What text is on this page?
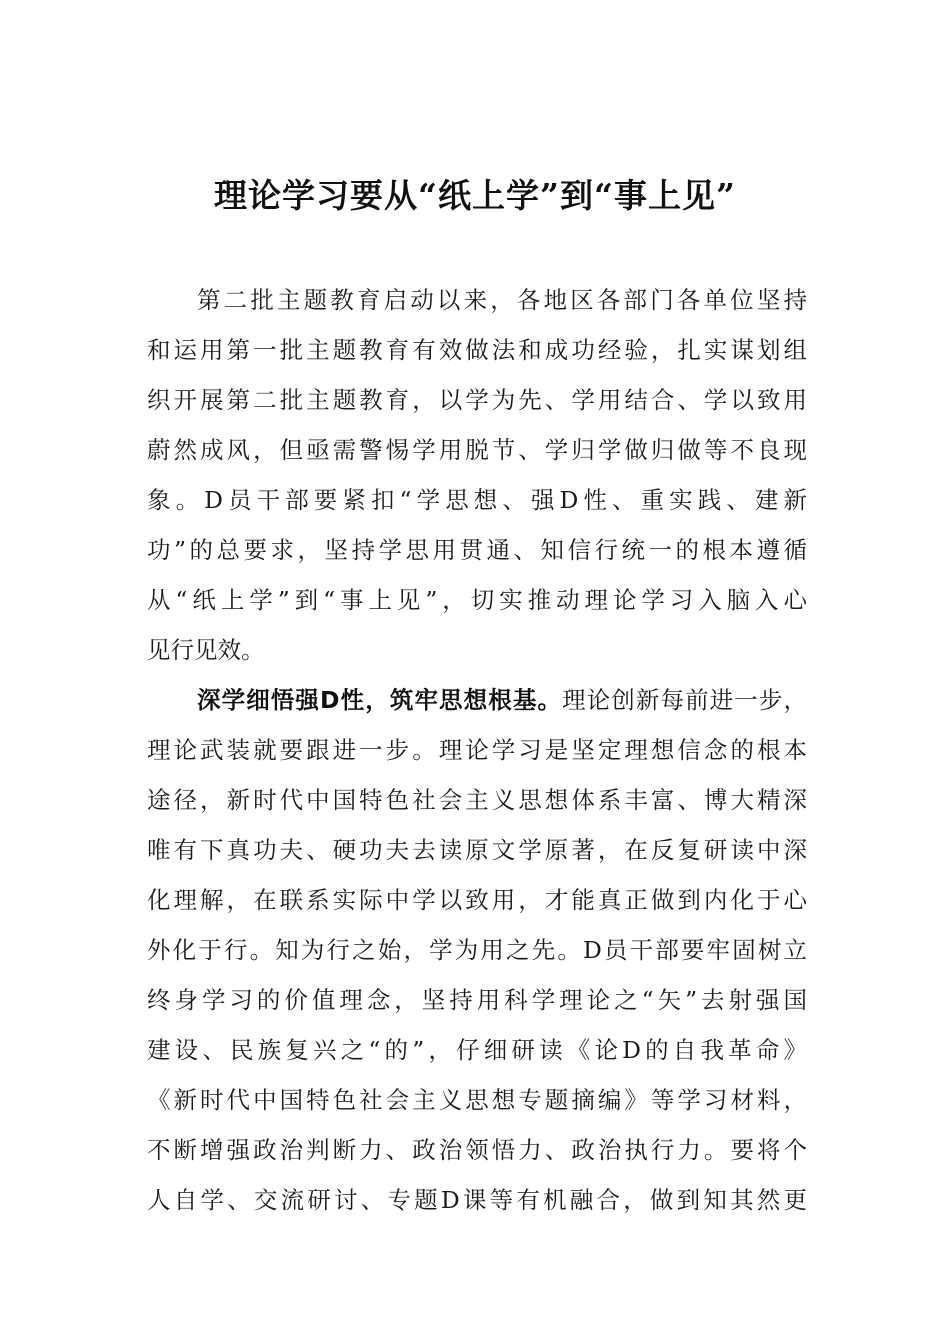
理论学习要从“纸上学”到“事上见”
第二批主题教育启动以来，各地区各部门各单位坚持
和运用第一批主题教育有效做法和成功经验，扎实谋划组
织开展第二批主题教育，以学为先、学用结合、学以致用
蔚然成风，但亟需警惕学用脱节、学归学做归做等不良现
象。D员干部要紧扣“学思想、强D性、重实践、建新
功”的总要求，坚持学思用贯通、知信行统一的根本遵循
从“纸上学”到“事上见”，切实推动理论学习入脑入心
见行见效。
深学细悟强D性，筑牢思想根基。理论创新每前进一步，
理论武装就要跟进一步。理论学习是坚定理想信念的根本
途径，新时代中国特色社会主义思想体系丰富、博大精深
唯有下真功夫、硬功夫去读原文学原著，在反复研读中深
化理解，在联系实际中学以致用，才能真正做到内化于心
外化于行。知为行之始，学为用之先。D员干部要牢固树立
终身学习的价值理念，坚持用科学理论之“矢”去射强国
建设、民族复兴之“的”，仔细研读《论D的自我革命》
《新时代中国特色社会主义思想专题摘编》等学习材料，
不断增强政治判断力、政治领悟力、政治执行力。要将个
人自学、交流研讨、专题D课等有机融合，做到知其然更
